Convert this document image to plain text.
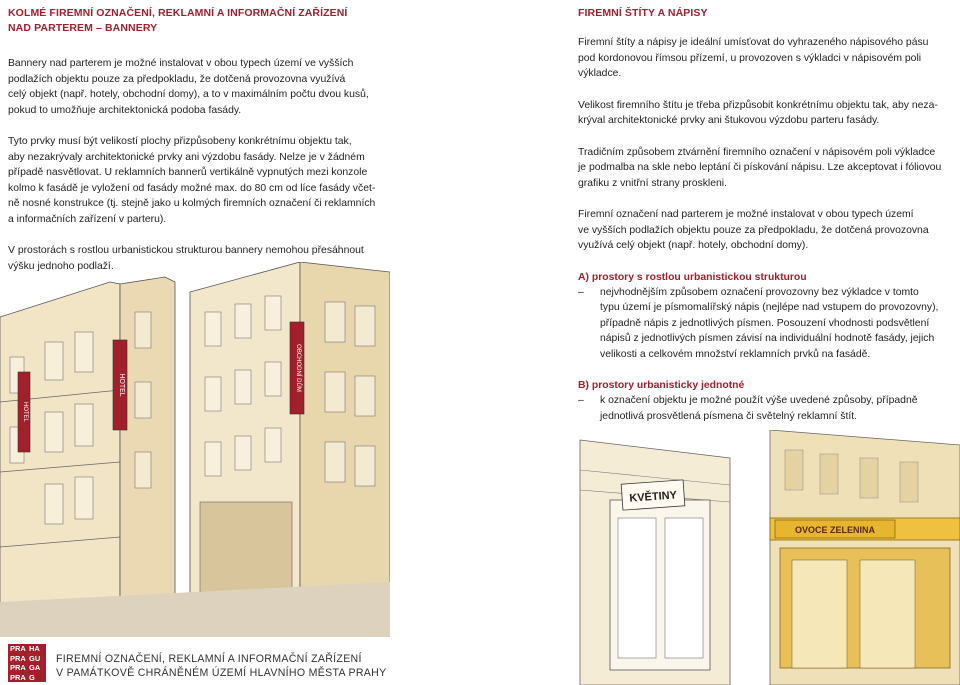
KOLMÉ FIREMNÍ OZNAČENÍ, REKLAMNÍ A INFORMAČNÍ ZAŘÍZENÍ
NAD PARTEREM – BANNERY

Bannery nad parterem je možné instalovat v obou typech území ve vyšších
podlažích objektu pouze za předpokladu, že dotčená provozovna využívá
celý objekt (např. hotely, obchodní domy), a to v maximálním počtu dvou kusů,
pokud to umožňuje architektonická podoba fasády.

Tyto prvky musí být velikostí plochy přizpůsobeny konkrétnímu objektu tak,
aby nezakrývaly architektonické prvky ani výzdobu fasády. Nelze je v žádném
případě nasvětlovat. U reklamních bannerů vertikálně vypnutých mezi konzole
kolmo k fasádě je vyložení od fasády možné max. do 80 cm od líce fasády včet-
ně nosné konstrukce (tj. stejně jako u kolmých firemních označení či reklamních
a informačních zařízení v parteru).

V prostorách s rostlou urbanistickou strukturou bannery nemohou přesáhnout
výšku jednoho podlaží.

HOTEL
HOTEL	OBCHODNÍ DŮM
FIREMNÍ ŠTÍTY A NÁPISY

Firemní štíty a nápisy je ideální umísťovat do vyhrazeného nápisového pásu
pod kordonovou římsou přízemí, u provozoven s výkladci v nápisovém poli
výkladce.

Velikost firemního štítu je třeba přizpůsobit konkrétnímu objektu tak, aby neza-
krýval architektonické prvky ani štukovou výzdobu parteru fasády.

Tradičním způsobem ztvárnění firemního označení v nápisovém poli výkladce
je podmalba na skle nebo leptání či pískování nápisu. Lze akceptovat i fóliovou
grafiku z vnitřní strany proskleni.

Firemní označení nad parterem je možné instalovat v obou typech území
ve vyšších podlažích objektu pouze za předpokladu, že dotčená provozovna
využívá celý objekt (např. hotely, obchodní domy).

A) prostory s rostlou urbanistickou strukturou
– nejvhodnějším způsobem označení provozovny bez výkladce v tomto
typu území je písmomalířský nápis (nejlépe nad vstupem do provozovny),
případně nápis z jednotlivých písmen. Posouzení vhodnosti podsvětlení
nápisů z jednotlivých písmen závisí na individuální hodnotě fasády, jejich
velikosti a celkovém množství reklamních prvků na fasádě.
B) prostory urbanisticky jednotné
– k označení objektu je možné použít výše uvedené způsoby, případně
jednotlivá prosvětlená písmena či světelný reklamní štít.
KVĚTINY
OVOCE ZELENINA
PRA HA
PRA GU
PRA GA
PRA G
FIREMNÍ OZNAČENÍ, REKLAMNÍ A INFORMAČNÍ ZAŘÍZENÍ
V PAMÁTKOVĚ CHRÁNĚNÉM ÚZEMÍ HLAVNÍHO MĚSTA PRAHY
